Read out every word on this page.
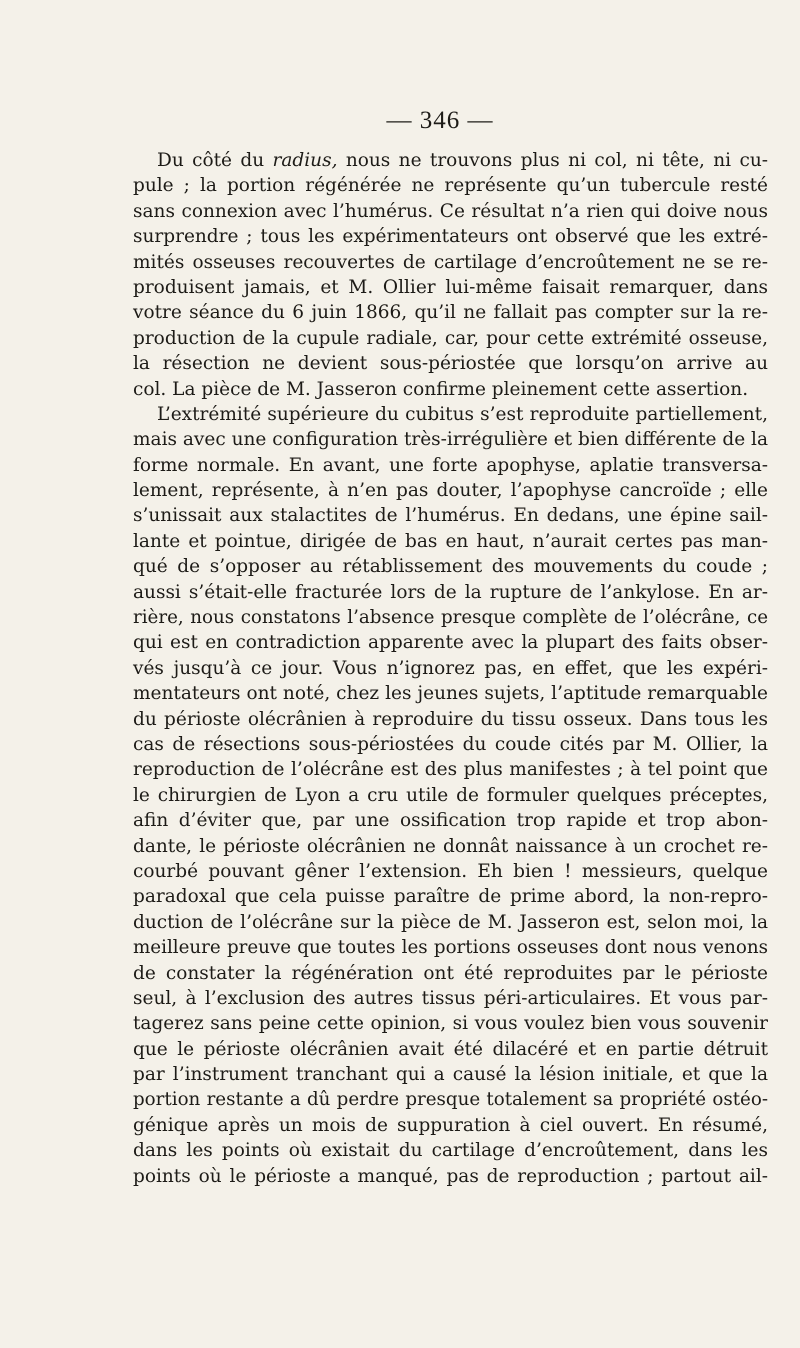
— 346 —
Du côté du radius, nous ne trouvons plus ni col, ni tête, ni cu-
pule ; la portion régénérée ne représente qu’un tubercule resté
sans connexion avec l’humérus. Ce résultat n’a rien qui doive nous
surprendre ; tous les expérimentateurs ont observé que les extré-
mités osseuses recouvertes de cartilage d’encroûtement ne se re-
produisent jamais, et M. Ollier lui-même faisait remarquer, dans
votre séance du 6 juin 1866, qu’il ne fallait pas compter sur la re-
production de la cupule radiale, car, pour cette extrémité osseuse,
la résection ne devient sous-périostée que lorsqu’on arrive au
col. La pièce de M. Jasseron confirme pleinement cette assertion.
L’extrémité supérieure du cubitus s’est reproduite partiellement,
mais avec une configuration très-irrégulière et bien différente de la
forme normale. En avant, une forte apophyse, aplatie transversa-
lement, représente, à n’en pas douter, l’apophyse cancroïde ; elle
s’unissait aux stalactites de l’humérus. En dedans, une épine sail-
lante et pointue, dirigée de bas en haut, n’aurait certes pas man-
qué de s’opposer au rétablissement des mouvements du coude ;
aussi s’était-elle fracturée lors de la rupture de l’ankylose. En ar-
rière, nous constatons l’absence presque complète de l’olécrâne, ce
qui est en contradiction apparente avec la plupart des faits obser-
vés jusqu’à ce jour. Vous n’ignorez pas, en effet, que les expéri-
mentateurs ont noté, chez les jeunes sujets, l’aptitude remarquable
du périoste olécrânien à reproduire du tissu osseux. Dans tous les
cas de résections sous-périostées du coude cités par M. Ollier, la
reproduction de l’olécrâne est des plus manifestes ; à tel point que
le chirurgien de Lyon a cru utile de formuler quelques préceptes,
afin d’éviter que, par une ossification trop rapide et trop abon-
dante, le périoste olécrânien ne donnât naissance à un crochet re-
courbé pouvant gêner l’extension. Eh bien ! messieurs, quelque
paradoxal que cela puisse paraître de prime abord, la non-repro-
duction de l’olécrâne sur la pièce de M. Jasseron est, selon moi, la
meilleure preuve que toutes les portions osseuses dont nous venons
de constater la régénération ont été reproduites par le périoste
seul, à l’exclusion des autres tissus péri-articulaires. Et vous par-
tagerez sans peine cette opinion, si vous voulez bien vous souvenir
que le périoste olécrânien avait été dilacéré et en partie détruit
par l’instrument tranchant qui a causé la lésion initiale, et que la
portion restante a dû perdre presque totalement sa propriété ostéo-
génique après un mois de suppuration à ciel ouvert. En résumé,
dans les points où existait du cartilage d’encroûtement, dans les
points où le périoste a manqué, pas de reproduction ; partout ail-
